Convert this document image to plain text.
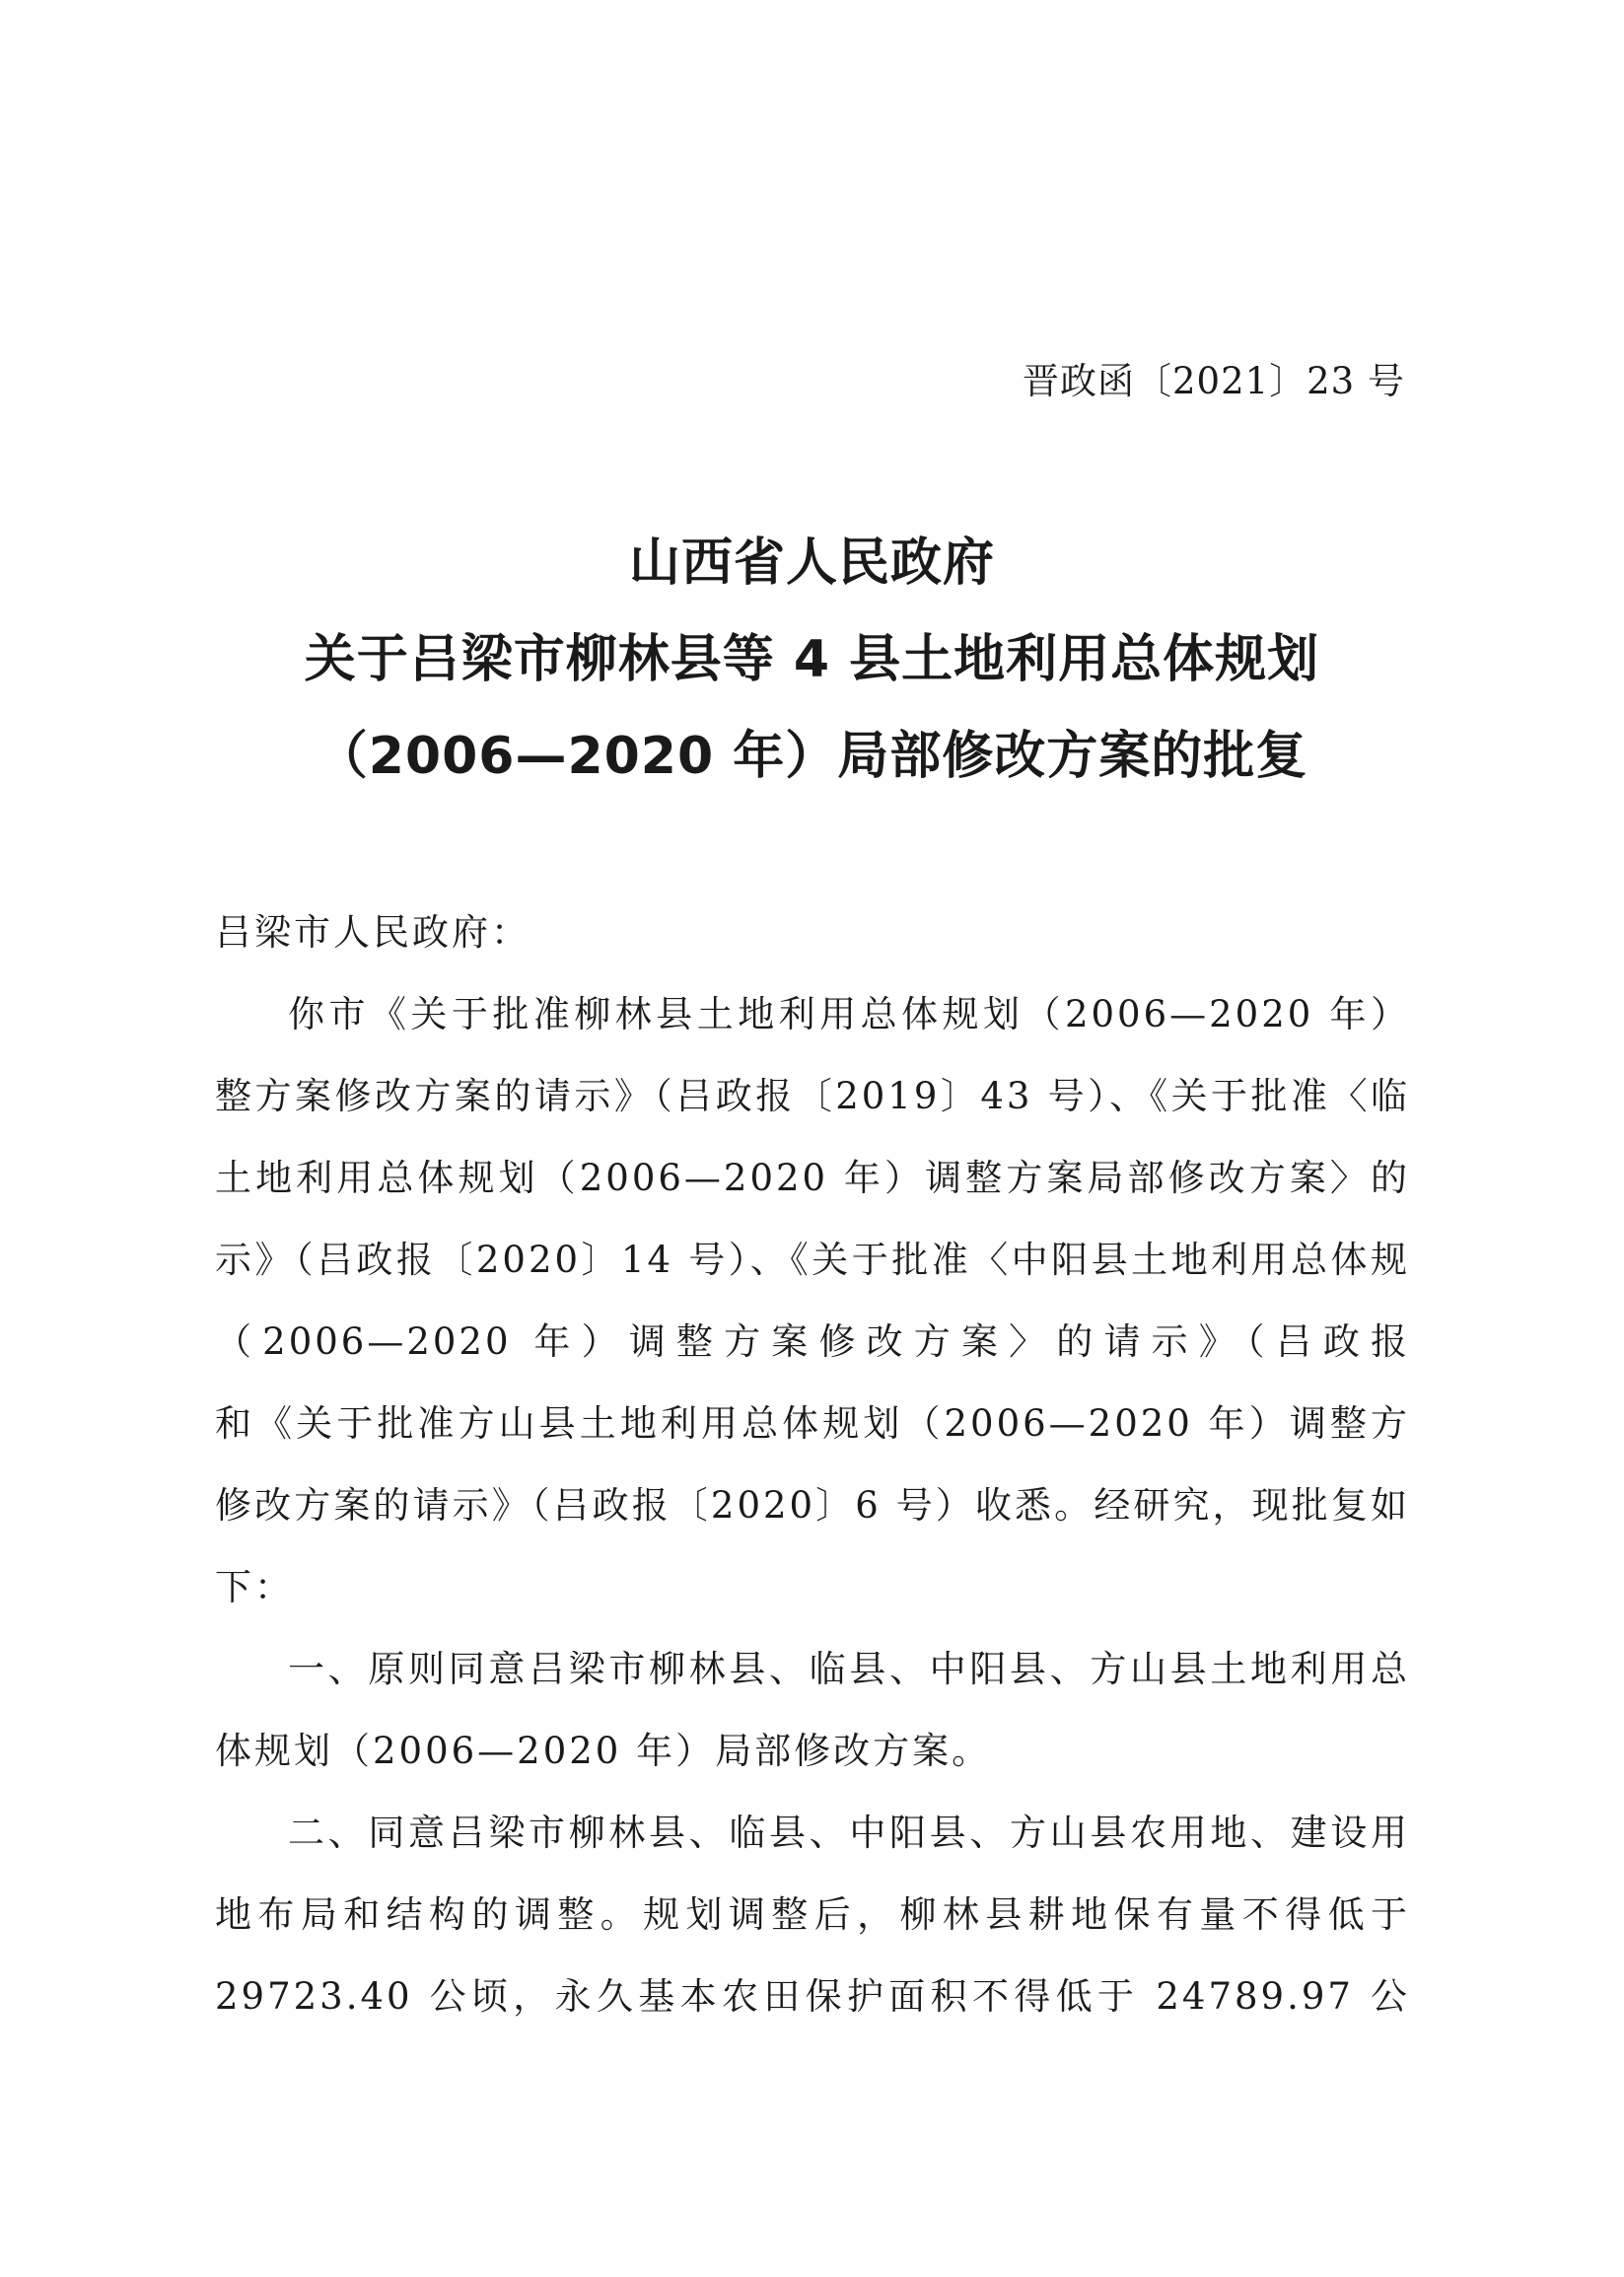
晋政函〔2021〕23 号
山西省人民政府
关于吕梁市柳林县等 4 县土地利用总体规划
（2006—2020 年）局部修改方案的批复
吕梁市人民政府：
你市《关于批准柳林县土地利用总体规划（2006—2020 年）
整方案修改方案的请示》（吕政报〔2019〕43 号）、《关于批准〈临
土地利用总体规划（2006—2020 年）调整方案局部修改方案〉的
示》（吕政报〔2020〕14 号）、《关于批准〈中阳县土地利用总体规
（2006—2020 年）调整方案修改方案〉的请示》（吕政报
和《关于批准方山县土地利用总体规划（2006—2020 年）调整方
修改方案的请示》（吕政报〔2020〕6 号）收悉。经研究，现批复如
下：
一、原则同意吕梁市柳林县、临县、中阳县、方山县土地利用总
体规划（2006—2020 年）局部修改方案。
二、同意吕梁市柳林县、临县、中阳县、方山县农用地、建设用
地布局和结构的调整。规划调整后，柳林县耕地保有量不得低于
29723.40 公顷，永久基本农田保护面积不得低于 24789.97 公
